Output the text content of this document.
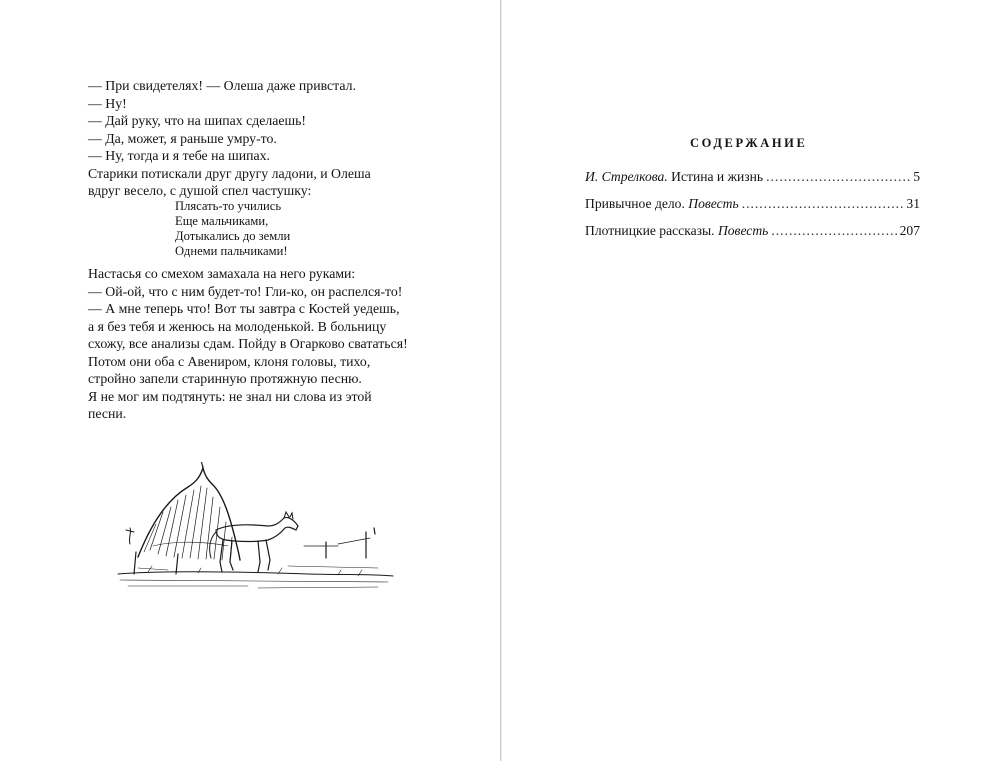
— При свидетелях! — Олеша даже привстал.

— Ну!

— Дай руку, что на шипах сделаешь!

— Да, может, я раньше умру-то.

— Ну, тогда и я тебе на шипах.

Старики потискали друг другу ладони, и Олеша

вдруг весело, с душой спел частушку:

Плясать-то учились
Еще мальчиками,
Дотыкались до земли
Однеми пальчиками!

Настасья со смехом замахала на него руками:

— Ой-ой, что с ним будет-то! Гли-ко, он распелся-то!

— А мне теперь что! Вот ты завтра с Костей уедешь,

а я без тебя и женюсь на молоденькой. В больницу

схожу, все анализы сдам. Пойду в Огарково свататься!

Потом они оба с Авениром, клоня головы, тихо,

стройно запели старинную протяжную песню.

Я не мог им подтянуть: не знал ни слова из этой

песни.

СОДЕРЖАНИЕ
И. Стрелкова. Истина и жизнь .....	5
Привычное дело. Повесть .....	31
Плотницкие рассказы. Повесть .....	207
